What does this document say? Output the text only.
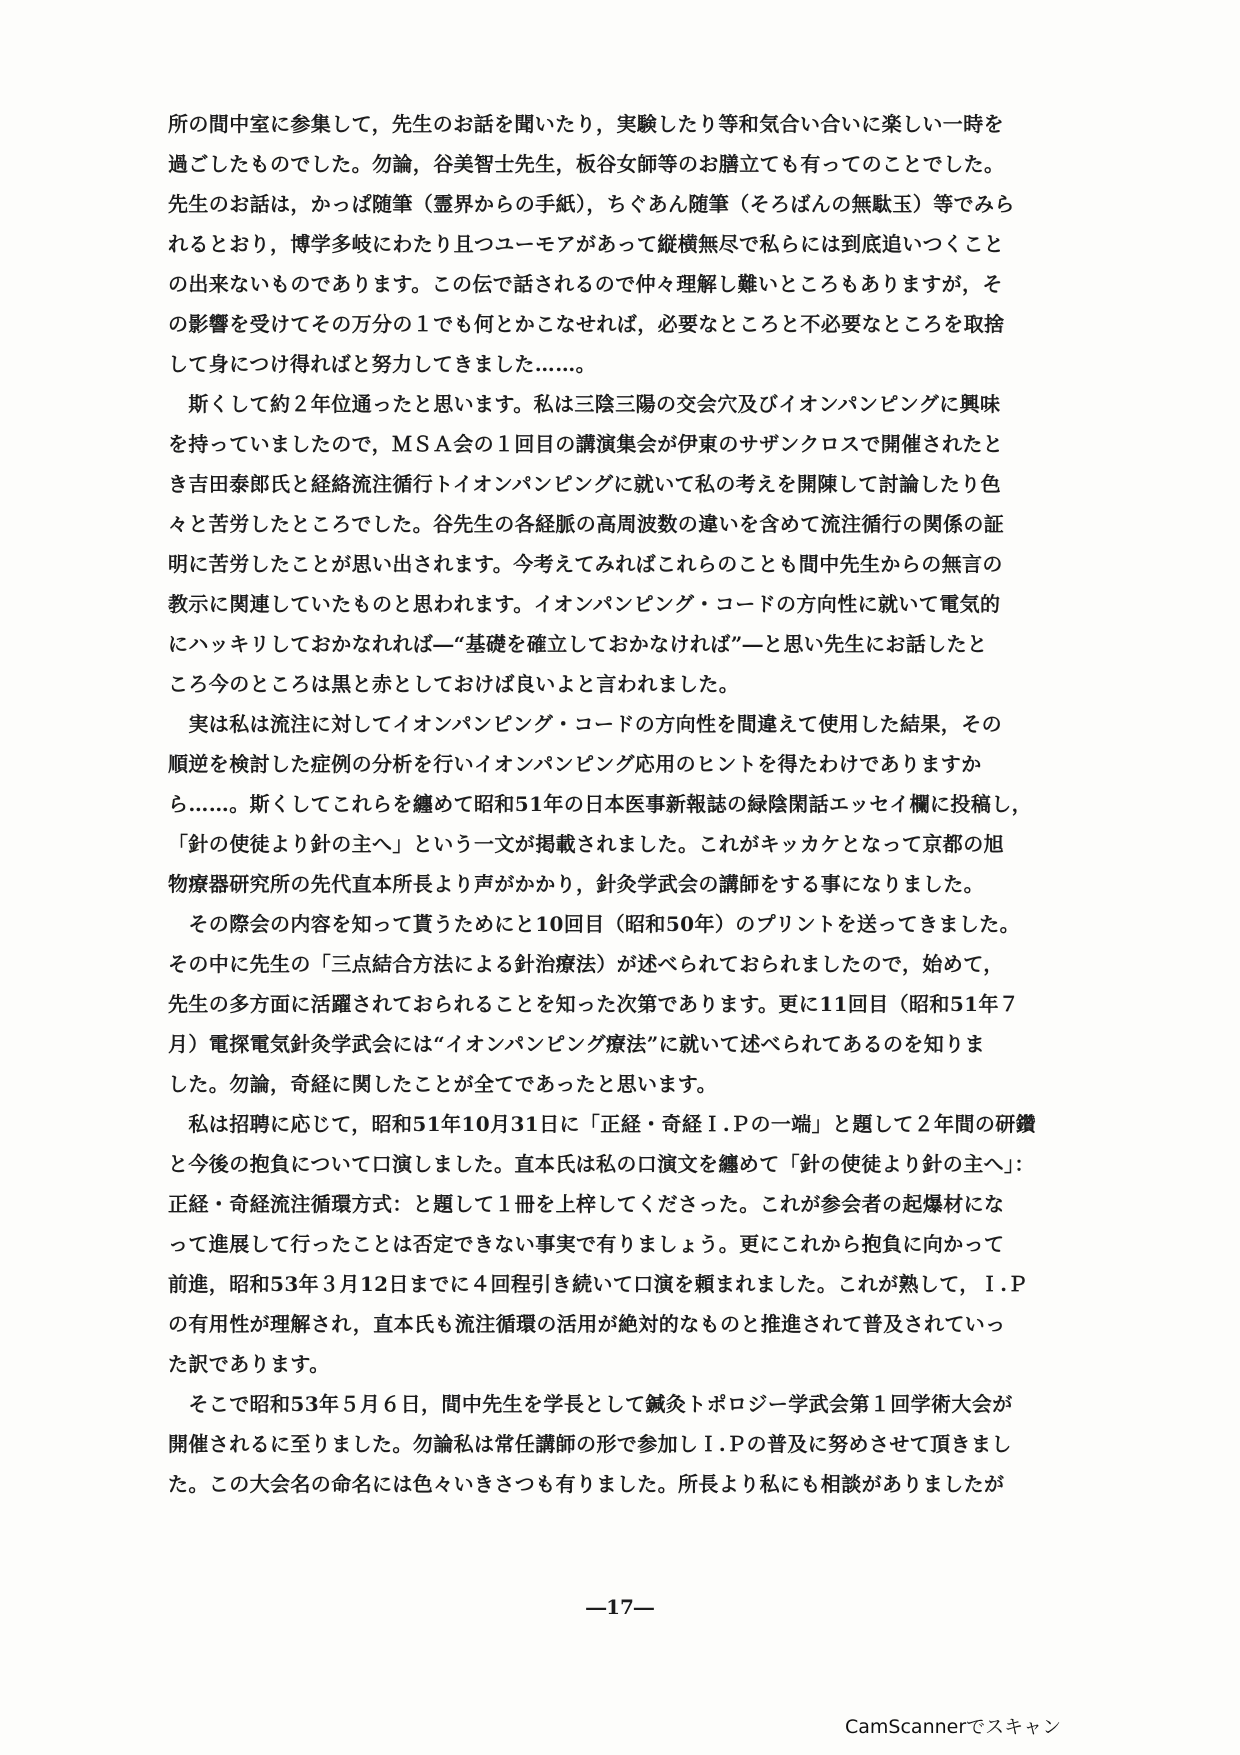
所の間中室に参集して，先生のお話を聞いたり，実験したり等和気合い合いに楽しい一時を
過ごしたものでした。勿論，谷美智士先生，板谷女師等のお膳立ても有ってのことでした。
先生のお話は，かっぱ随筆（霊界からの手紙），ちぐあん随筆（そろばんの無駄玉）等でみら
れるとおり，博学多岐にわたり且つユーモアがあって縦横無尽で私らには到底追いつくこと
の出来ないものであります。この伝で話されるので仲々理解し難いところもありますが，そ
の影響を受けてその万分の１でも何とかこなせれば，必要なところと不必要なところを取捨
して身につけ得ればと努力してきました……。
　斯くして約２年位通ったと思います。私は三陰三陽の交会穴及びイオンパンピングに興味
を持っていましたので，ＭＳＡ会の１回目の講演集会が伊東のサザンクロスで開催されたと
き吉田泰郎氏と経絡流注循行トイオンパンピングに就いて私の考えを開陳して討論したり色
々と苦労したところでした。谷先生の各経脈の高周波数の違いを含めて流注循行の関係の証
明に苦労したことが思い出されます。今考えてみればこれらのことも間中先生からの無言の
教示に関連していたものと思われます。イオンパンピング・コードの方向性に就いて電気的
にハッキリしておかなれれば―“基礎を確立しておかなければ”―と思い先生にお話したと
ころ今のところは黒と赤としておけば良いよと言われました。
　実は私は流注に対してイオンパンピング・コードの方向性を間違えて使用した結果，その
順逆を検討した症例の分析を行いイオンパンピング応用のヒントを得たわけでありますか
ら……。斯くしてこれらを纏めて昭和51年の日本医事新報誌の緑陰閑話エッセイ欄に投稿し，
「針の使徒より針の主へ」という一文が掲載されました。これがキッカケとなって京都の旭
物療器研究所の先代直本所長より声がかかり，針灸学武会の講師をする事になりました。
　その際会の内容を知って貰うためにと10回目（昭和50年）のプリントを送ってきました。
その中に先生の「三点結合方法による針治療法）が述べられておられましたので，始めて，
先生の多方面に活躍されておられることを知った次第であります。更に11回目（昭和51年７
月）電探電気針灸学武会には“イオンパンピング療法”に就いて述べられてあるのを知りま
した。勿論，奇経に関したことが全てであったと思います。
　私は招聘に応じて，昭和51年10月31日に「正経・奇経Ｉ.Ｐの一端」と題して２年間の研鑽
と今後の抱負について口演しました。直本氏は私の口演文を纏めて「針の使徒より針の主へ」：
正経・奇経流注循環方式：と題して１冊を上梓してくださった。これが参会者の起爆材にな
って進展して行ったことは否定できない事実で有りましょう。更にこれから抱負に向かって
前進，昭和53年３月12日までに４回程引き続いて口演を頼まれました。これが熟して，Ｉ.Ｐ
の有用性が理解され，直本氏も流注循環の活用が絶対的なものと推進されて普及されていっ
た訳であります。
　そこで昭和53年５月６日，間中先生を学長として鍼灸トポロジー学武会第１回学術大会が
開催されるに至りました。勿論私は常任講師の形で参加しＩ.Ｐの普及に努めさせて頂きまし
た。この大会名の命名には色々いきさつも有りました。所長より私にも相談がありましたが
―17―
CamScannerでスキャン
